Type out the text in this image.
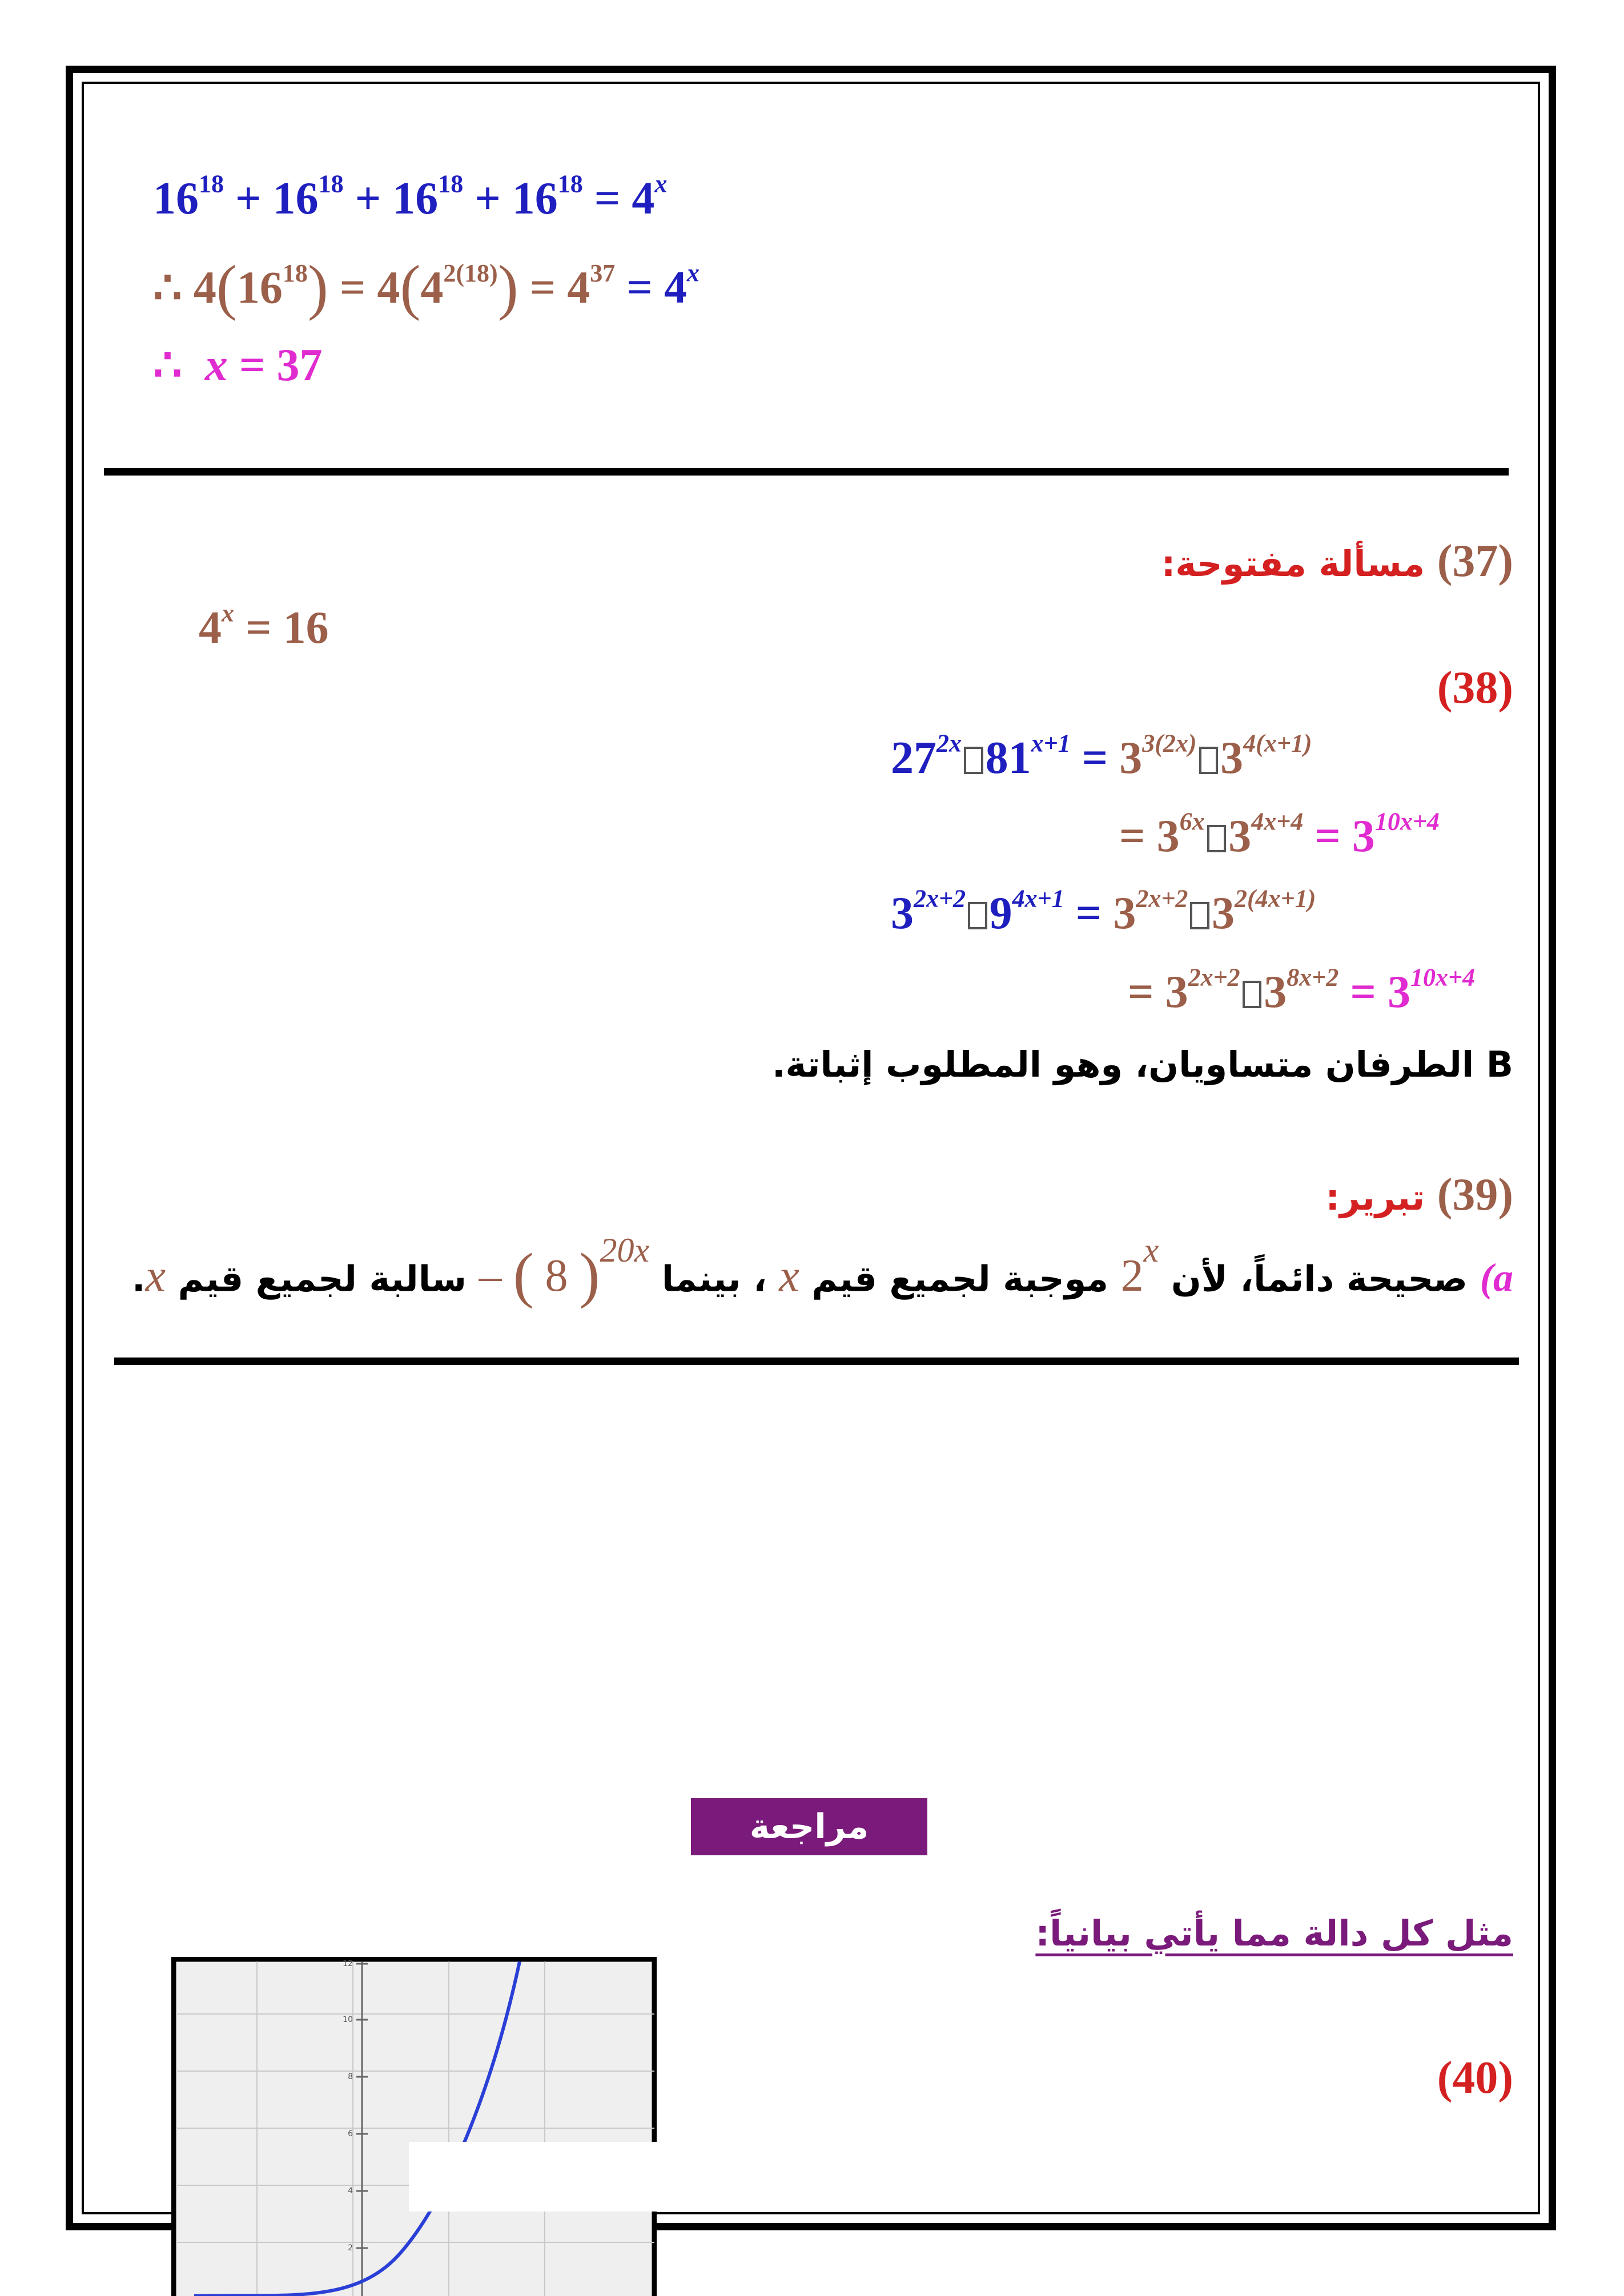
$16^{18} + 16^{18} + 16^{18} + 16^{18} = 4^x$
∴ $4(16^{18}) = 4(4^{2(18)}) = 4^{37} = 4^x$
∴ x = 37
(37) مسألة مفتوحة:
$4^x = 16$
(38)
$27^{2x}$ $81^{x+1} = 3^{3(2x)}$ $3^{4(x+1)}$
= $3^{6x}$ $3^{4x+4} = 3^{10x+4}$
$3^{2x+2}$ $9^{4x+1} = 3^{2x+2}$ $3^{2(4x+1)}$
= $3^{2x+2}$ $3^{8x+2} = 3^{10x+4}$
B الطرفان متساويان، وهو المطلوب إثباتة.
(39) تبرير:
a) صحيحة دائماً، لأن 2$^x$ موجبة لجميع قيم x ، بينما – ( 8 )$^{20x}$ سالبة لجميع قيم x.
مراجعة تراكمية
مثل كل دالة مما يأتي بيانياً:
(40)
12
10
8
6
4
2
